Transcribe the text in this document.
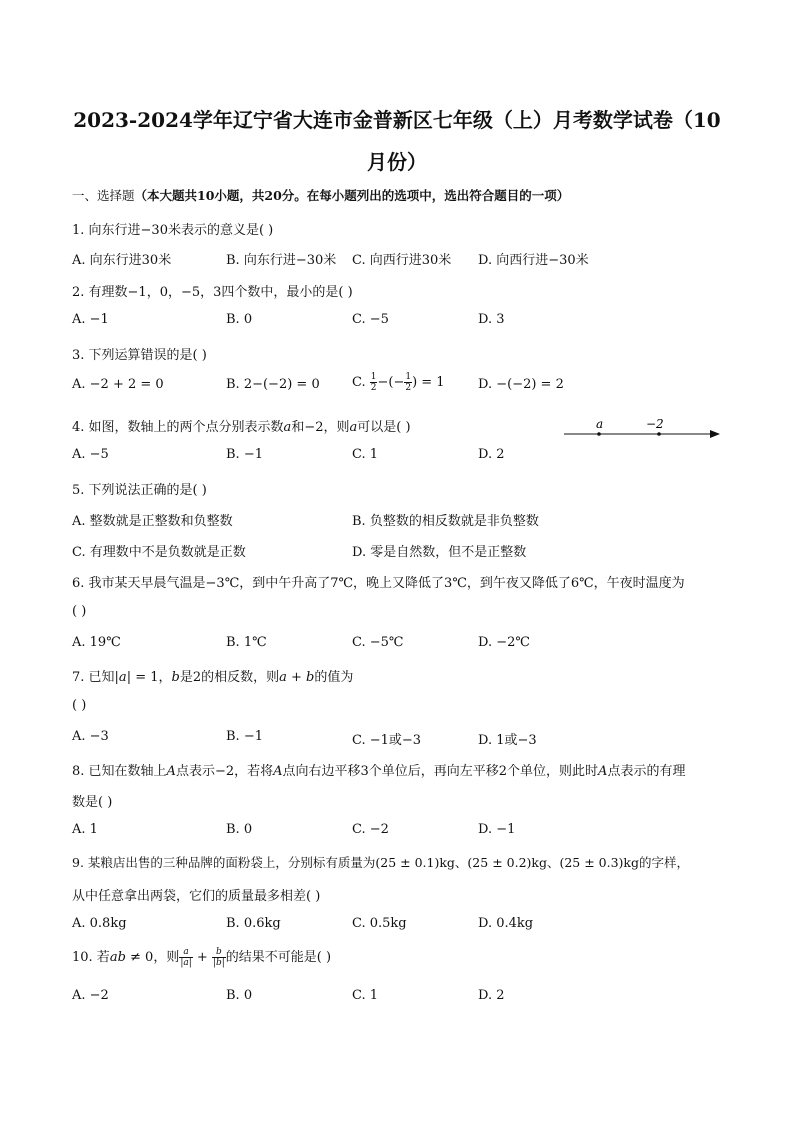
2023-2024学年辽宁省大连市金普新区七年级（上）月考数学试卷（10
月份）
一、选择题（本大题共10小题，共20分。在每小题列出的选项中，选出符合题目的一项）
1. 向东行进−30米表示的意义是( )
A. 向东行进30米	B. 向东行进−30米 C. 向西行进30米 D. 向西行进−30米
2. 有理数−1，0，−5，3四个数中，最小的是( )
A. −1	B. 0	C. −5	D. 3
3. 下列运算错误的是( )
A. −2 + 2 = 0	B. 2−(−2) = 0 C. $\frac{1}{2}$ −(− $\frac{1}{2}$ ) = 1	D. −(−2) = 2
4. 如图，数轴上的两个点分别表示数a和−2，则a可以是( )	a	−2
A. −5	B. −1	C. 1	D. 2
5. 下列说法正确的是( )
A. 整数就是正整数和负整数	B. 负整数的相反数就是非负整数
C. 有理数中不是负数就是正数	D. 零是自然数，但不是正整数
6. 我市某天早晨气温是−3℃，到中午升高了7℃，晚上又降低了3℃，到午夜又降低了6℃，午夜时温度为
( )
A. 19℃	B. 1℃	C. −5℃	D. −2℃
7. 已知|a| = 1，b是2的相反数，则a + b的值为
( )
A. −3	B. −1	C. −1或−3	D. 1或−3
8. 已知在数轴上A点表示−2，若将A点向右边平移3个单位后，再向左平移2个单位，则此时A点表示的有理
数是( )
A. 1	B. 0	C. −2	D. −1
9. 某粮店出售的三种品牌的面粉袋上，分别标有质量为(25 ± 0.1)kg、(25 ± 0.2)kg、(25 ± 0.3)kg的字样，
从中任意拿出两袋，它们的质量最多相差( )
A. 0.8kg	B. 0.6kg	C. 0.5kg	D. 0.4kg
10. 若ab ≠ 0，则 $\frac{a}{|a|} + \frac{b}{|b|}$ 的结果不可能是( )
A. −2	B. 0	C. 1	D. 2
